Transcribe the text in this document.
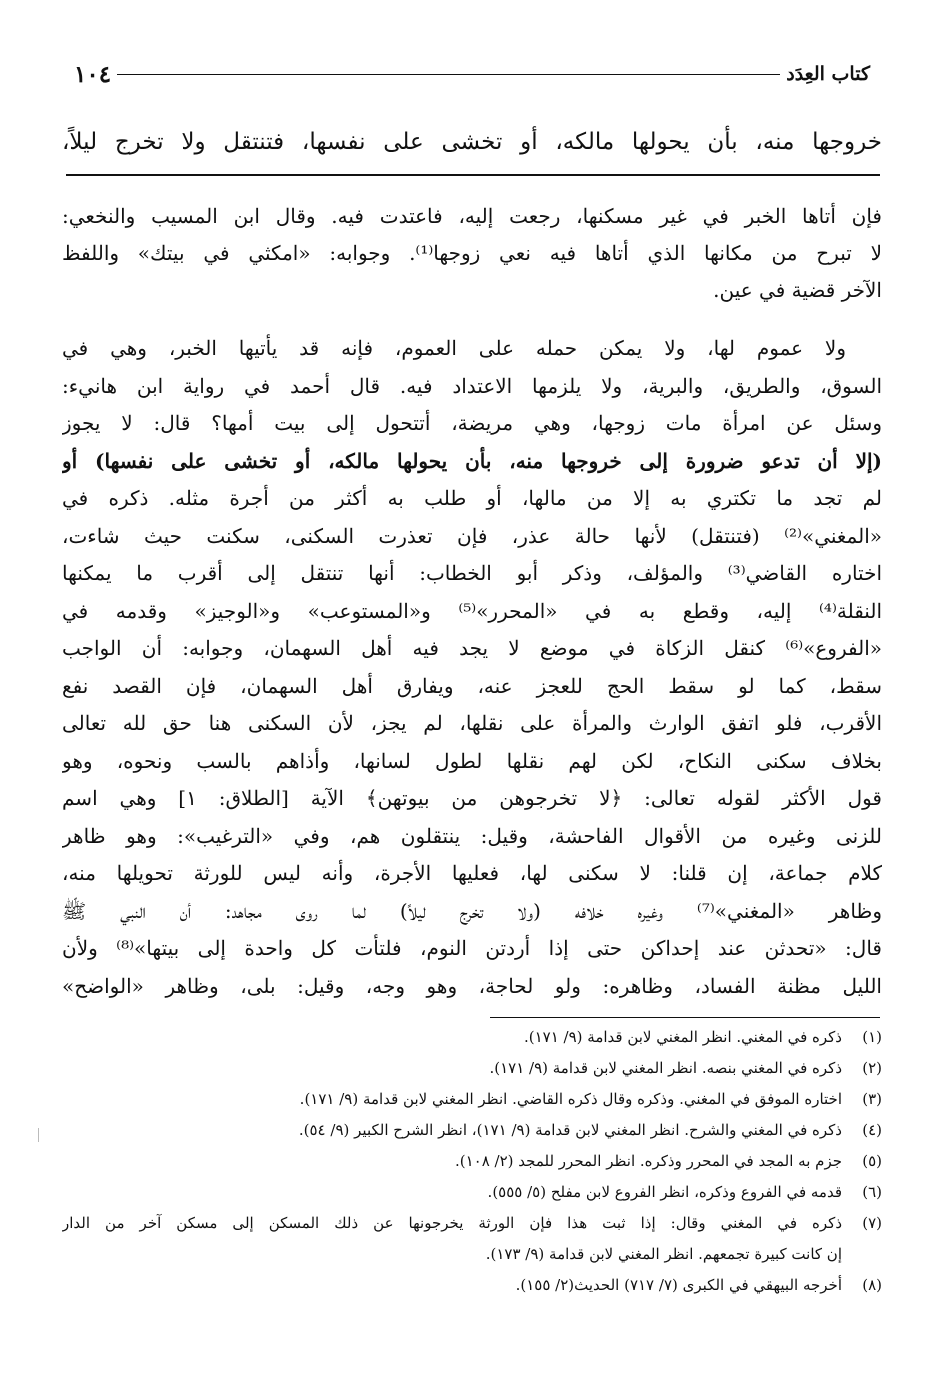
كتاب العِدَد
١٠٤
خروجها منه، بأن يحولها مالكه، أو تخشى على نفسها، فتنتقل ولا تخرج ليلاً،
فإن أتاها الخبر في غير مسكنها، رجعت إليه، فاعتدت فيه. وقال ابن المسيب والنخعي:
لا تبرح من مكانها الذي أتاها فيه نعي زوجها⁽¹⁾. وجوابه: «امكثي في بيتك» واللفظ
الآخر قضية في عين.
ولا عموم لها، ولا يمكن حمله على العموم، فإنه قد يأتيها الخبر، وهي في
السوق، والطريق، والبرية، ولا يلزمها الاعتداد فيه. قال أحمد في رواية ابن هانيء:
وسئل عن امرأة مات زوجها، وهي مريضة، أتتحول إلى بيت أمها؟ قال: لا يجوز
(إلا أن تدعو ضرورة إلى خروجها منه، بأن يحولها مالكه، أو تخشى على نفسها) أو
لم تجد ما تكتري به إلا من مالها، أو طلب به أكثر من أجرة مثله. ذكره في
«المغني»⁽²⁾ (فتنتقل) لأنها حالة عذر، فإن تعذرت السكنى، سكنت حيث شاءت،
اختاره القاضي⁽³⁾ والمؤلف، وذكر أبو الخطاب: أنها تنتقل إلى أقرب ما يمكنها
النقلة⁽⁴⁾ إليه، وقطع به في «المحرر»⁽⁵⁾ و«المستوعب» و«الوجيز» وقدمه في
«الفروع»⁽⁶⁾ كنقل الزكاة في موضع لا يجد فيه أهل السهمان، وجوابه: أن الواجب
سقط، كما لو سقط الحج للعجز عنه، ويفارق أهل السهمان، فإن القصد نفع
الأقرب، فلو اتفق الوارث والمرأة على نقلها، لم يجز، لأن السكنى هنا حق لله تعالى
بخلاف سكنى النكاح، لكن لهم نقلها لطول لسانها، وأذاهم بالسب ونحوه، وهو
قول الأكثر لقوله تعالى: ﴿لا تخرجوهن من بيوتهن﴾ الآية [الطلاق: ١] وهي اسم
للزنى وغيره من الأقوال الفاحشة، وقيل: ينتقلون هم، وفي «الترغيب»: وهو ظاهر
كلام جماعة، إن قلنا: لا سكنى لها، فعليها الأجرة، وأنه ليس للورثة تحويلها منه،
وظاهر «المغني»⁽⁷⁾ وغيره خلافه (ولا تخرج ليلاً) لما روى مجاهد: أن النبي ﷺ
قال: «تحدثن عند إحداكن حتى إذا أردتن النوم، فلتأت كل واحدة إلى بيتها»⁽⁸⁾ ولأن
الليل مظنة الفساد، وظاهره: ولو لحاجة، وهو وجه، وقيل: بلى، وظاهر «الواضح»
(١)
ذكره في المغني. انظر المغني لابن قدامة (٩/ ١٧١).
(٢)
ذكره في المغني بنصه. انظر المغني لابن قدامة (٩/ ١٧١).
(٣)
اختاره الموفق في المغني. وذكره وقال ذكره القاضي. انظر المغني لابن قدامة (٩/ ١٧١).
(٤)
ذكره في المغني والشرح. انظر المغني لابن قدامة (٩/ ١٧١)، انظر الشرح الكبير (٩/ ٥٤).
(٥)
جزم به المجد في المحرر وذكره. انظر المحرر للمجد (٢/ ١٠٨).
(٦)
قدمه في الفروع وذكره، انظر الفروع لابن مفلح (٥/ ٥٥٥).
(٧)
ذكره في المغني وقال: إذا ثبت هذا فإن الورثة يخرجونها عن ذلك المسكن إلى مسكن آخر من الدار
إن كانت كبيرة تجمعهم. انظر المغني لابن قدامة (٩/ ١٧٣).
(٨)
أخرجه البيهقي في الكبرى (٧/ ٧١٧) الحديث(٢/ ١٥٥).
